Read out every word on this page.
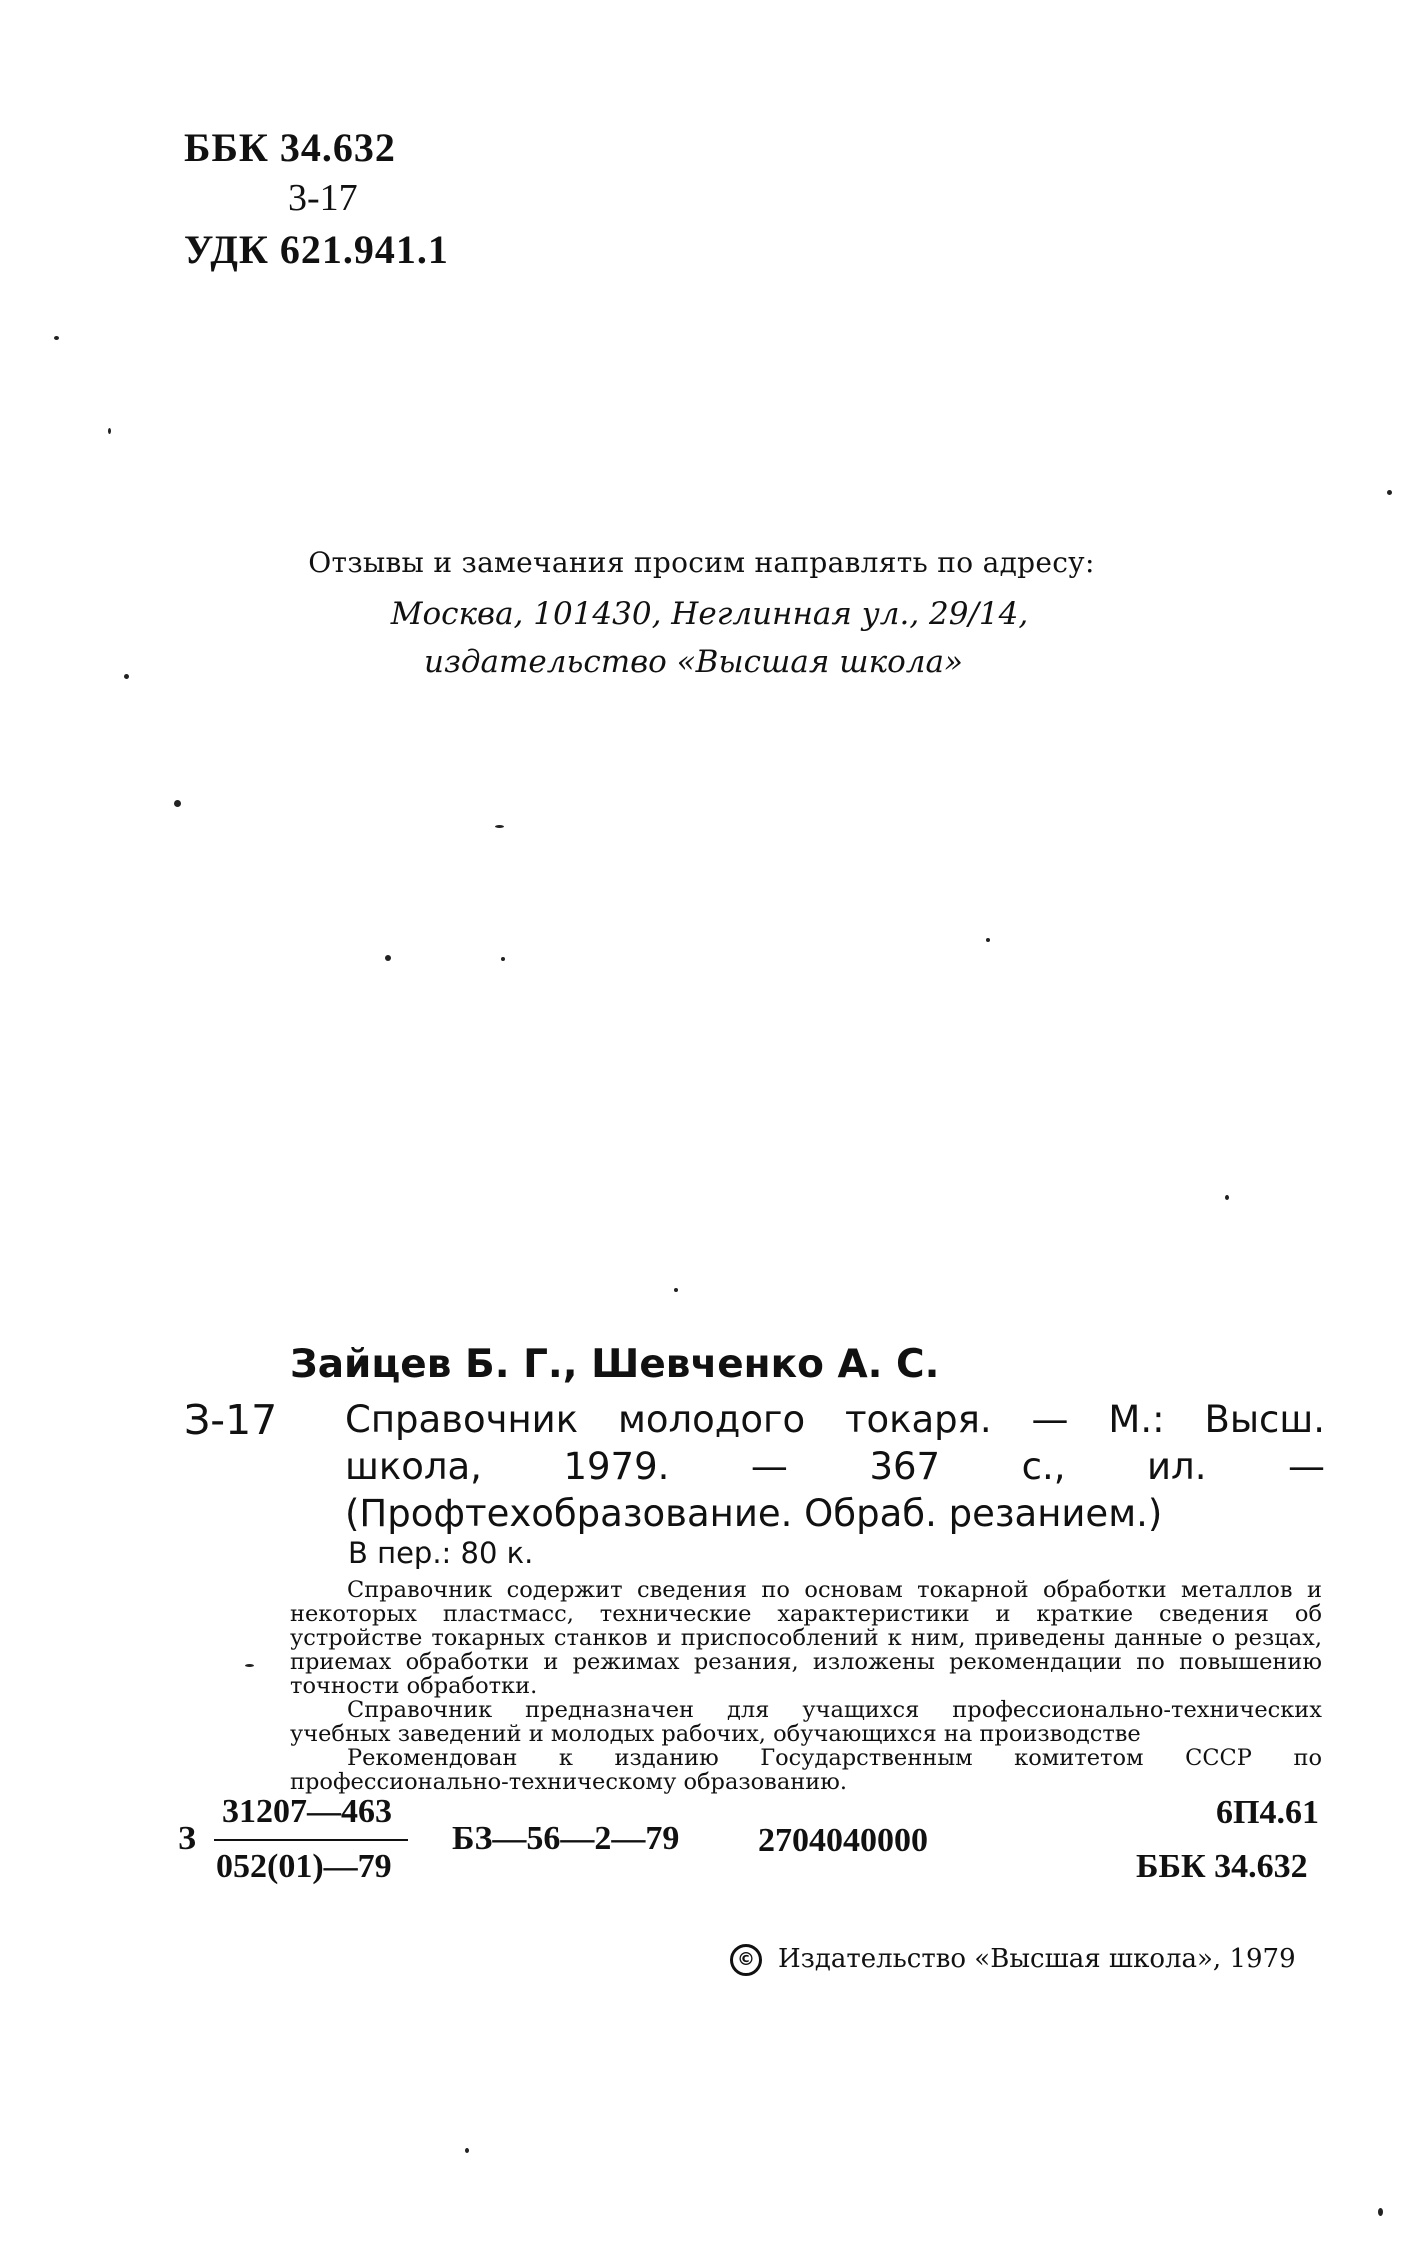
ББК 34.632
3-17
УДК 621.941.1
Отзывы и замечания просим направлять по адресу:
Москва, 101430, Неглинная ул., 29/14,
издательство «Высшая школа»
Зайцев Б. Г., Шевченко А. С.
З-17 Справочник молодого токаря. — М.: Высш. школа, 1979. — 367 с., ил. — (Профтехобразование. Обраб. резанием.)
В пер.: 80 к.

Справочник содержит сведения по основам токарной обработки металлов и некоторых пластмасс, технические характеристики и краткие сведения об устройстве токарных станков и приспособлений к ним, приведены данные о резцах, приемах обработки и режимах резания, изложены рекомендации по повышению точности обработки.

Справочник предназначен для учащихся профессионально-технических учебных заведений и молодых рабочих, обучающихся на производстве

Рекомендован к изданию Государственным комитетом СССР по профессионально-техническому образованию.

З
31207—463
052(01)—79
БЗ—56—2—79 2704040000
6П4.61
ББК 34.632
© Издательство «Высшая школа», 1979
